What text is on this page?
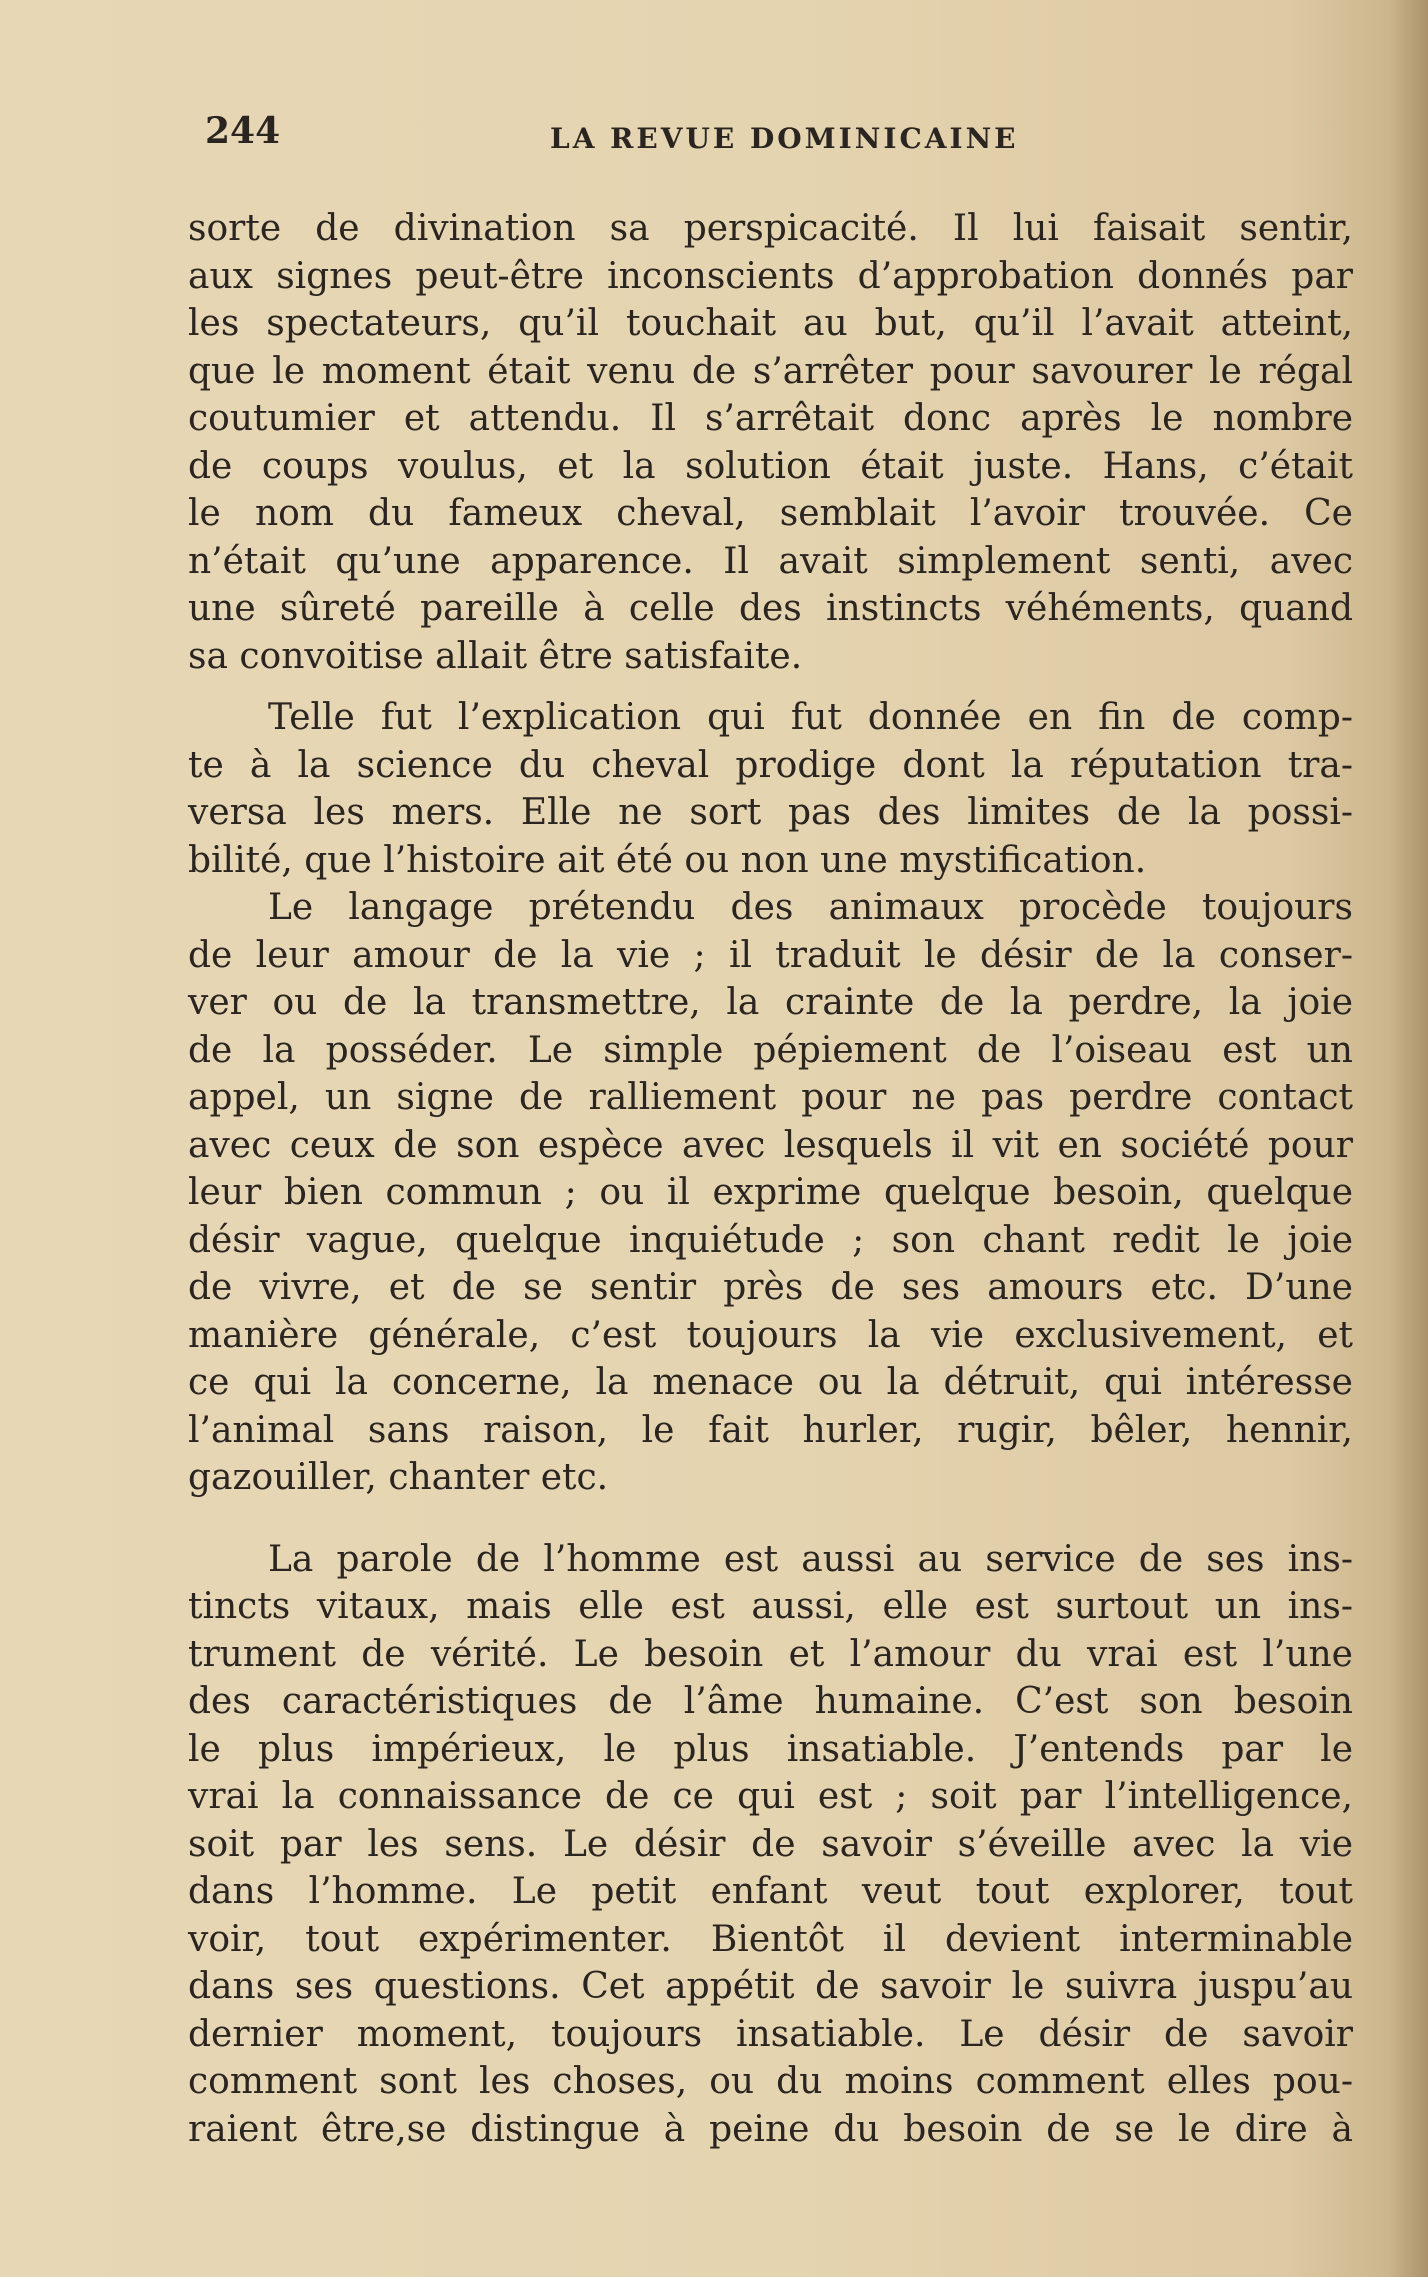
244	LA REVUE DOMINICAINE

sorte de divination sa perspicacité. Il lui faisait sentir,
aux signes peut-être inconscients d’approbation donnés par
les spectateurs, qu’il touchait au but, qu’il l’avait atteint,
que le moment était venu de s’arrêter pour savourer le régal
coutumier et attendu. Il s’arrêtait donc après le nombre
de coups voulus, et la solution était juste. Hans, c’était
le nom du fameux cheval, semblait l’avoir trouvée. Ce
n’était qu’une apparence. Il avait simplement senti, avec
une sûreté pareille à celle des instincts véhéments, quand
sa convoitise allait être satisfaite.

Telle fut l’explication qui fut donnée en fin de comp-
te à la science du cheval prodige dont la réputation tra-
versa les mers. Elle ne sort pas des limites de la possi-
bilité, que l’histoire ait été ou non une mystification.

Le langage prétendu des animaux procède toujours
de leur amour de la vie ; il traduit le désir de la conser-
ver ou de la transmettre, la crainte de la perdre, la joie
de la posséder. Le simple pépiement de l’oiseau est un
appel, un signe de ralliement pour ne pas perdre contact
avec ceux de son espèce avec lesquels il vit en société pour
leur bien commun ; ou il exprime quelque besoin, quelque
désir vague, quelque inquiétude ; son chant redit le joie
de vivre, et de se sentir près de ses amours etc. D’une
manière générale, c’est toujours la vie exclusivement, et
ce qui la concerne, la menace ou la détruit, qui intéresse
l’animal sans raison, le fait hurler, rugir, bêler, hennir,
gazouiller, chanter etc.

La parole de l’homme est aussi au service de ses ins-
tincts vitaux, mais elle est aussi, elle est surtout un ins-
trument de vérité. Le besoin et l’amour du vrai est l’une
des caractéristiques de l’âme humaine. C’est son besoin
le plus impérieux, le plus insatiable. J’entends par le
vrai la connaissance de ce qui est ; soit par l’intelligence,
soit par les sens. Le désir de savoir s’éveille avec la vie
dans l’homme. Le petit enfant veut tout explorer, tout
voir, tout expérimenter. Bientôt il devient interminable
dans ses questions. Cet appétit de savoir le suivra juspu’au
dernier moment, toujours insatiable. Le désir de savoir
comment sont les choses, ou du moins comment elles pou-
raient être,se distingue à peine du besoin de se le dire à
